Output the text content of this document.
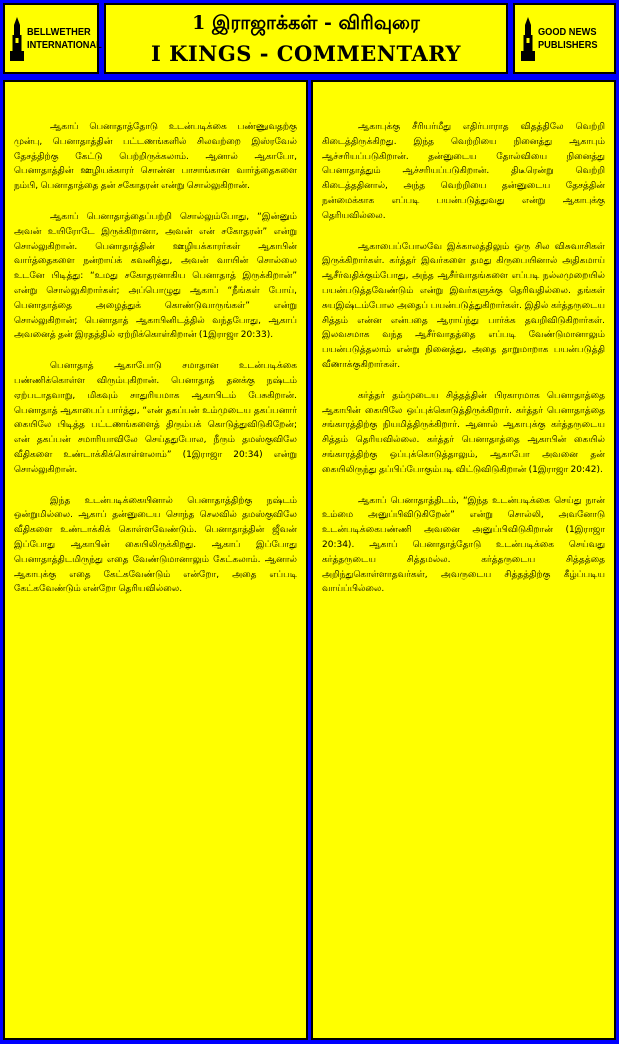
BELLWETHER
INTERNATIONAL
1 இராஜாக்கள் - விரிவுரை
I KINGS - COMMENTARY
GOOD NEWS
PUBLISHERS

ஆகாப் பெனாதாத்தோடு உடன்படிக்கை பண்ணுவதற்கு முன்பு, பெனாதாத்தின் பட்டணங்களில் சிலவற்றை இஸ்ரவேல் தேசத்திற்கு கேட்டு பெற்றிருக்கலாம். ஆனால் ஆகாபோ, பெனாதாத்தின் ஊழியக்காரர் சொன்ன பாசாங்கான வார்த்தைகளை நம்பி, பெனாதாத்தை தன் சகோதரன் என்று சொல்லுகிறான்.

ஆகாப் பெனாதாத்தைப்பற்றி சொல்லும்போது, “இன்னும் அவன் உயிரோடே இருக்கிறானா, அவன் என் சகோதரன்” என்று சொல்லுகிறான். பெனாதாத்தின் ஊழியக்காரர்கள் ஆகாபின் வார்த்தைகளை நன்றாய்க் கவனித்து, அவன் வாயின் சொல்லை உடனே பிடித்து: “உமது சகோதரனாகிய பெனாதாத் இருக்கிறான்” என்று சொல்லுகிறார்கள்; அப்பொழுது ஆகாப் “நீங்கள் போய், பெனாதாத்தை அழைத்துக் கொண்டுவாருங்கள்” என்று சொல்லுகிறான்; பெனாதாத் ஆகாபினிடத்தில் வந்தபோது, ஆகாப் அவனைத் தன் இரதத்தில் ஏற்றிக்கொள்கிறான் (1இராஜா 20:33).

பெனாதாத் ஆகாபோடு சமாதான உடன்படிக்கை பண்ணிக்கொள்ள விரும்புகிறான். பெனாதாத் தனக்கு நஷ்டம் ஏற்படாதவாறு, மிகவும் சாதுரியமாக ஆகாபிடம் பேசுகிறான். பெனாதாத் ஆகாபைப் பார்த்து, “என் தகப்பன் உம்முடைய தகப்பனார் கையிலே பிடித்த பட்டணங்களைத் திரும்பக் கொடுத்துவிடுகிறேன்; என் தகப்பன் சமாரியாவிலே செய்ததுபோல, நீரும் தமஸ்குவிலே வீதிகளை உண்டாக்கிக்கொள்ளலாம்” (1இராஜா 20:34) என்று சொல்லுகிறான்.

இந்த உடன்படிக்கையினால் பெனாதாத்திற்கு நஷ்டம் ஒன்றுமில்லை. ஆகாப் தன்னுடைய சொந்த செலவில் தமஸ்குவிலே வீதிகளை உண்டாக்கிக் கொள்ளவேண்டும். பெனாதாத்தின் ஜீவன் இப்போது ஆகாபின் கையிலிருக்கிறது. ஆகாப் இப்போது பெனாதாத்திடமிருந்து எதை வேண்டுமானாலும் கேட்கலாம். ஆனால் ஆகாபுக்கு எதை கேட்கவேண்டும் என்றோ, அதை எப்படி கேட்கவேண்டும் என்றோ தெரியவில்லை.

ஆகாபுக்கு சீரியர்மீது எதிர்பாராத விதத்திலே வெற்றி கிடைத்திருக்கிறது. இந்த வெற்றியை நினைத்து ஆகாபும் ஆச்சரியப்படுகிறான். தன்னுடைய தோல்வியை நினைத்து பெனாதாத்தும் ஆச்சரியப்படுகிறான். திடீரென்று வெற்றி கிடைத்ததினால், அந்த வெற்றியை தன்னுடைய தேசத்தின் நன்மைக்காக எப்படி பயன்படுத்துவது என்று ஆகாபுக்கு தெரியவில்லை.

ஆகாபைப்போலவே இக்காலத்திலும் ஒரு சில விசுவாசிகள் இருக்கிறார்கள். கர்த்தர் இவர்களை தமது கிருபையினால் அதிகமாய் ஆசீர்வதிக்கும்போது, அந்த ஆசீர்வாதங்களை எப்படி நல்லமுறையில் பயன்படுத்தவேண்டும் என்று இவர்களுக்கு தெரிவதில்லை. தங்கள் சுயஇஷ்டம்போல அதைப் பயன்படுத்துகிறார்கள். இதில் கர்த்தருடைய சித்தம் என்ன என்பதை ஆராய்ந்து பார்க்க தவறிவிடுகிறார்கள். இலவசமாக வந்த ஆசீர்வாதத்தை எப்படி வேண்டுமானாலும் பயன்படுத்தலாம் என்று நினைத்து, அதை தாறுமாறாக பயன்படுத்தி வீணாக்குகிறார்கள்.

கர்த்தர் தம்முடைய சித்தத்தின் பிரகாரமாக பெனாதாத்தை ஆகாபின் கையிலே ஒப்புக்கொடுத்திருக்கிறார். கர்த்தர் பெனாதாத்தை சங்காரத்திற்கு நியமித்திருக்கிறார். ஆனால் ஆகாபுக்கு கர்த்தருடைய சித்தம் தெரியவில்லை. கர்த்தர் பெனாதாத்தை ஆகாபின் கையில் சங்காரத்திற்கு ஒப்புக்கொடுத்தாலும், ஆகாபோ அவனை தன் கையிலிருந்து தப்பிப்போகும்படி விட்டுவிடுகிறான் (1இராஜா 20:42).

ஆகாப் பெனாதாத்திடம், “இந்த உடன்படிக்கை செய்து நான் உம்மை அனுப்பிவிடுகிறேன்” என்று சொல்லி, அவனோடு உடன்படிக்கைபண்ணி அவனை அனுப்பிவிடுகிறான் (1இராஜா 20:34). ஆகாப் பெனாதாத்தோடு உடன்படிக்கை செய்வது கர்த்தருடைய சித்தமல்ல. கர்த்தருடைய சித்தத்தை அறிந்துகொள்ளாதவர்கள், அவருடைய சித்தத்திற்கு கீழ்ப்படிய வாய்ப்பில்லை.
